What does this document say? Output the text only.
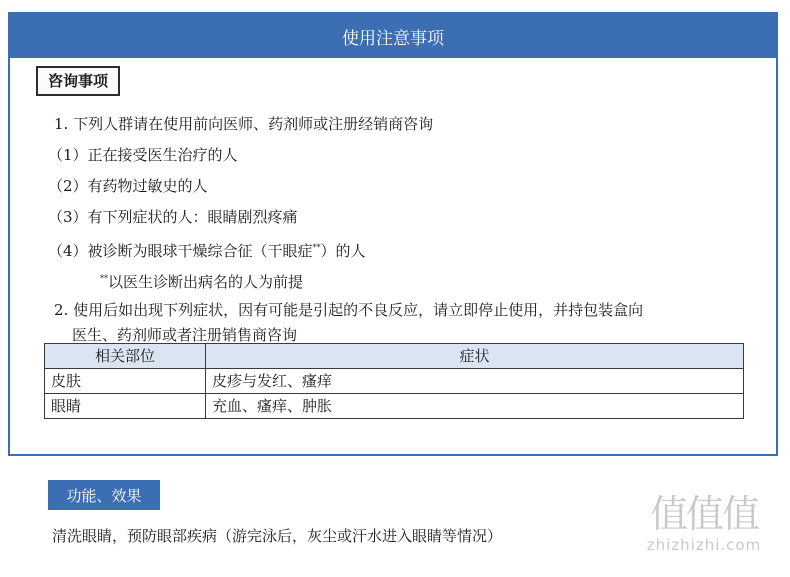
使用注意事项
咨询事项
1. 下列人群请在使用前向医师、药剂师或注册经销商咨询
（1）正在接受医生治疗的人
（2）有药物过敏史的人
（3）有下列症状的人：眼睛剧烈疼痛
（4）被诊断为眼球干燥综合征（干眼症**）的人
**以医生诊断出病名的人为前提
2. 使用后如出现下列症状，因有可能是引起的不良反应，请立即停止使用，并持包装盒向
医生、药剂师或者注册销售商咨询
相关部位	症状
皮肤	皮疹与发红、瘙痒
眼睛	充血、瘙痒、肿胀
功能、效果
清洗眼睛，预防眼部疾病（游完泳后，灰尘或汗水进入眼睛等情况）	值值值
zhizhizhi.com
